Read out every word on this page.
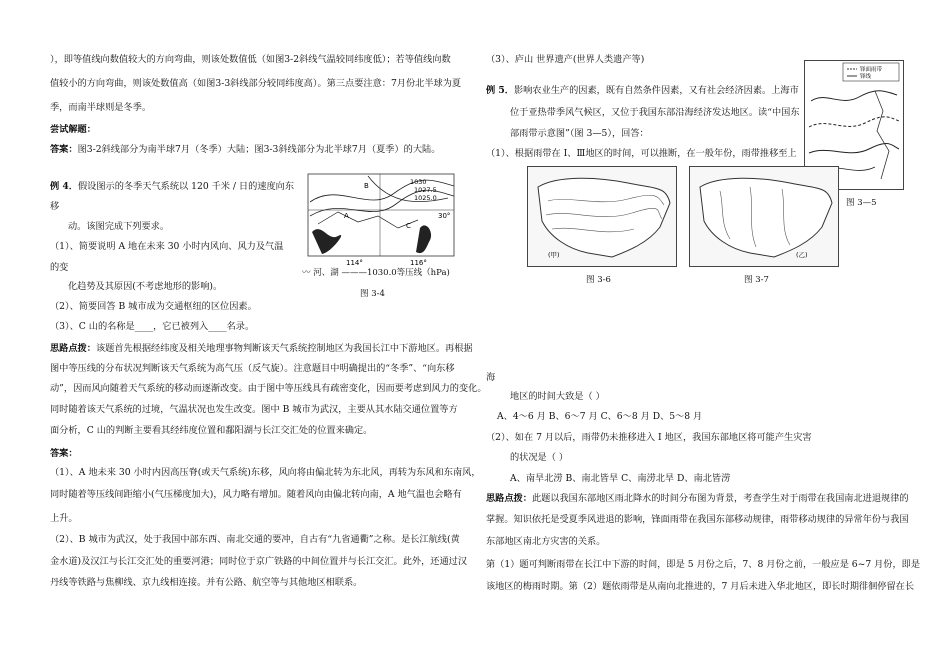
），即等值线向数值较大的方向弯曲，则该处数值低（如图3-2斜线气温较同纬度低）；若等值线向数
值较小的方向弯曲，则该处数值高（如图3-3斜线部分较同纬度高）。第三点要注意：7月份北半球为夏
季，而南半球则是冬季。
尝试解题：
答案：图3-2斜线部分为南半球7月（冬季）大陆；图3-3斜线部分为北半球7月（夏季）的大陆。
例 4．假设图示的冬季天气系统以 120 千米 / 日的速度向东
移
动。该图完成下列要求。
（1）、简要说明 A 地在未来 30 小时内风向、风力及气温
的变
化趋势及其原因(不考虑地形的影响)。
（2）、简要回答 B 城市成为交通枢纽的区位因素。
（3）、C 山的名称是____，它已被列入____名录。
思路点拨：该题首先根据经纬度及相关地理事物判断该天气系统控制地区为我国长江中下游地区。再根据
图中等压线的分布状况判断该天气系统为高气压（反气旋）。注意题目中明确提出的“冬季”、“向东移
动”，因而风向随着天气系统的移动而逐渐改变。由于图中等压线具有疏密变化，因而要考虑到风力的变化。
同时随着该天气系统的过境，气温状况也发生改变。图中 B 城市为武汉，主要从其水陆交通位置等方
面分析，C 山的判断主要看其经纬度位置和鄱阳湖与长江交汇处的位置来确定。
答案：
（1）、A 地未来 30 小时内因高压脊(或天气系统)东移，风向将由偏北转为东北风，再转为东风和东南风，
同时随着等压线间距缩小(气压梯度加大)，风力略有增加。随着风向由偏北转向南，A 地气温也会略有
上升。
（2）、B 城市为武汉，处于我国中部东西、南北交通的要冲，自古有“九省通衢”之称。是长江航线(黄
金水道)及汉江与长江交汇处的重要河港；同时位于京广铁路的中间位置并与长江交汇。此外，还通过汉
丹线等铁路与焦柳线、京九线相连接。并有公路、航空等与其他地区相联系。
1030
1027.5
1025.0
B
A
C
30°
114°	116°
〰 河、湖 ———1030.0等压线（hPa)
图 3-4
（3）、庐山 世界遗产(世界人类遗产等)
例 5．影响农业生产的因素，既有自然条件因素，又有社会经济因素。上海市
位于亚热带季风气候区，又位于我国东部沿海经济发达地区。读“中国东
部雨带示意图”（图 3—5），回答：
（1）、根据雨带在 I、Ⅲ地区的时间，可以推断，在一般年份，雨带推移至上
海
地区的时间大致是（ ）
A、4～6 月 B、6～7 月 C、6～8 月 D、5～8 月
（2）、如在 7 月以后，雨带仍未推移进入 I 地区，我国东部地区将可能产生灾害
的状况是（ ）
A、南旱北涝 B、南北皆旱 C、南涝北旱 D、南北皆涝
思路点拨：此题以我国东部地区雨北降水的时间分布图为背景，考查学生对于雨带在我国南北进退规律的
掌握。知识依托是受夏季风进退的影响，锋面雨带在我国东部移动规律，雨带移动规律的异常年份与我国
东部地区南北方灾害的关系。
第（1）题可判断雨带在长江中下游的时间，即是 5 月份之后，7、8 月份之前，一般应是 6~7 月份，即是
该地区的梅雨时期。第（2）题依雨带是从南向北推进的，7 月后未进入华北地区，即长时期徘徊停留在长
锋面雨带
锋线
图 3—5
(甲)
图 3-6
(乙)
图 3-7
